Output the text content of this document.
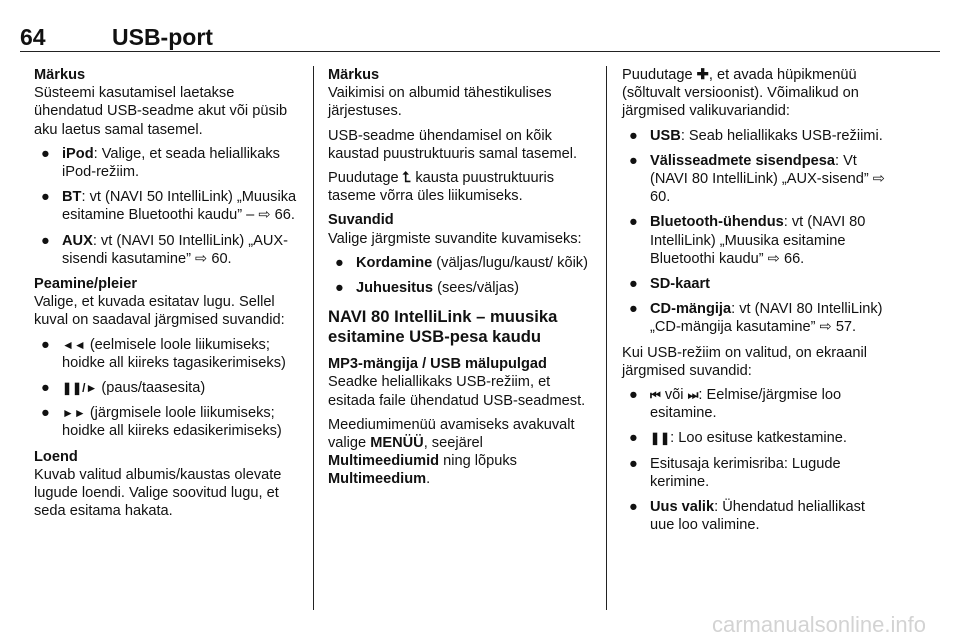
64	USB-port

Märkus

Süsteemi kasutamisel laetakse ühendatud USB-seadme akut või püsib aku laetus samal tasemel.

● iPod: Valige, et seada heliallikaks iPod-režiim.
● BT: vt (NAVI 50 IntelliLink) „Muusika esitamine Bluetoothi kaudu” – ⇨ 66.
● AUX: vt (NAVI 50 IntelliLink) „AUX-sisendi kasutamine” ⇨ 60.

Peamine/pleier

Valige, et kuvada esitatav lugu. Sellel kuval on saadaval järgmised suvandid:

● ◄◄ (eelmisele loole liikumiseks; hoidke all kiireks tagasikerimiseks)
● ❚❚/► (paus/taasesita)
● ►► (järgmisele loole liikumiseks; hoidke all kiireks edasikerimiseks)

Loend

Kuvab valitud albumis/kaustas olevate lugude loendi. Valige soovitud lugu, et seda esitama hakata.

Märkus

Vaikimisi on albumid tähestikulises järjestuses.

USB-seadme ühendamisel on kõik kaustad puustruktuuris samal tasemel.

Puudutage ⮤ kausta puustruktuuris taseme võrra üles liikumiseks.

Suvandid

Valige järgmiste suvandite kuvamiseks:

● Kordamine (väljas/lugu/kaust/ kõik)
● Juhuesitus (sees/väljas)

NAVI 80 IntelliLink – muusika esitamine USB-pesa kaudu

MP3-mängija / USB mälupulgad

Seadke heliallikaks USB-režiim, et esitada faile ühendatud USB-seadmest.

Meediumimenüü avamiseks avakuvalt valige MENÜÜ, seejärel Multimeediumid ning lõpuks Multimeedium.

Puudutage ✚, et avada hüpikmenüü (sõltuvalt versioonist). Võimalikud on järgmised valikuvariandid:

● USB: Seab heliallikaks USB-režiimi.
● Välisseadmete sisendpesa: Vt (NAVI 80 IntelliLink) „AUX-sisend” ⇨ 60.
● Bluetooth-ühendus: vt (NAVI 80 IntelliLink) „Muusika esitamine Bluetoothi kaudu” ⇨ 66.
● SD-kaart
● CD-mängija: vt (NAVI 80 IntelliLink) „CD-mängija kasutamine” ⇨ 57.

Kui USB-režiim on valitud, on ekraanil järgmised suvandid:

● ⏮ või ⏭: Eelmise/järgmise loo esitamine.
● ❚❚: Loo esituse katkestamine.
● Esitusaja kerimisriba: Lugude kerimine.
● Uus valik: Ühendatud heliallikast uue loo valimine.
carmanualsonline.info
